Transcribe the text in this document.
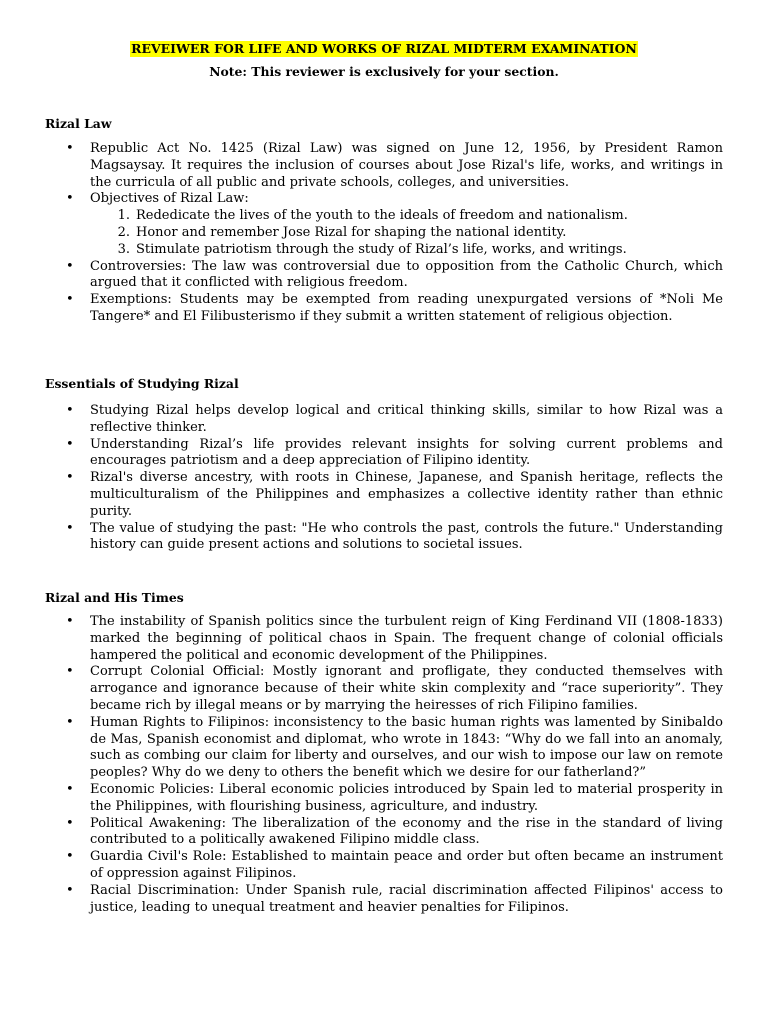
REVEIWER FOR LIFE AND WORKS OF RIZAL MIDTERM EXAMINATION
Note: This reviewer is exclusively for your section.
Rizal Law
• Republic Act No. 1425 (Rizal Law) was signed on June 12, 1956, by President Ramon Magsaysay. It requires the inclusion of courses about Jose Rizal's life, works, and writings in the curricula of all public and private schools, colleges, and universities.
• Objectives of Rizal Law:
1. Rededicate the lives of the youth to the ideals of freedom and nationalism.
2. Honor and remember Jose Rizal for shaping the national identity.
3. Stimulate patriotism through the study of Rizal’s life, works, and writings.
• Controversies: The law was controversial due to opposition from the Catholic Church, which argued that it conflicted with religious freedom.
• Exemptions: Students may be exempted from reading unexpurgated versions of *Noli Me Tangere* and El Filibusterismo if they submit a written statement of religious objection.
Essentials of Studying Rizal
• Studying Rizal helps develop logical and critical thinking skills, similar to how Rizal was a reflective thinker.
• Understanding Rizal’s life provides relevant insights for solving current problems and encourages patriotism and a deep appreciation of Filipino identity.
• Rizal's diverse ancestry, with roots in Chinese, Japanese, and Spanish heritage, reflects the multiculturalism of the Philippines and emphasizes a collective identity rather than ethnic purity.
• The value of studying the past: "He who controls the past, controls the future." Understanding history can guide present actions and solutions to societal issues.
Rizal and His Times
• The instability of Spanish politics since the turbulent reign of King Ferdinand VII (1808-1833) marked the beginning of political chaos in Spain. The frequent change of colonial officials hampered the political and economic development of the Philippines.
• Corrupt Colonial Official: Mostly ignorant and profligate, they conducted themselves with arrogance and ignorance because of their white skin complexity and “race superiority”. They became rich by illegal means or by marrying the heiresses of rich Filipino families.
• Human Rights to Filipinos: inconsistency to the basic human rights was lamented by Sinibaldo de Mas, Spanish economist and diplomat, who wrote in 1843: “Why do we fall into an anomaly, such as combing our claim for liberty and ourselves, and our wish to impose our law on remote peoples? Why do we deny to others the benefit which we desire for our fatherland?”
• Economic Policies: Liberal economic policies introduced by Spain led to material prosperity in the Philippines, with flourishing business, agriculture, and industry.
• Political Awakening: The liberalization of the economy and the rise in the standard of living contributed to a politically awakened Filipino middle class.
• Guardia Civil's Role: Established to maintain peace and order but often became an instrument of oppression against Filipinos.
• Racial Discrimination: Under Spanish rule, racial discrimination affected Filipinos' access to justice, leading to unequal treatment and heavier penalties for Filipinos.
